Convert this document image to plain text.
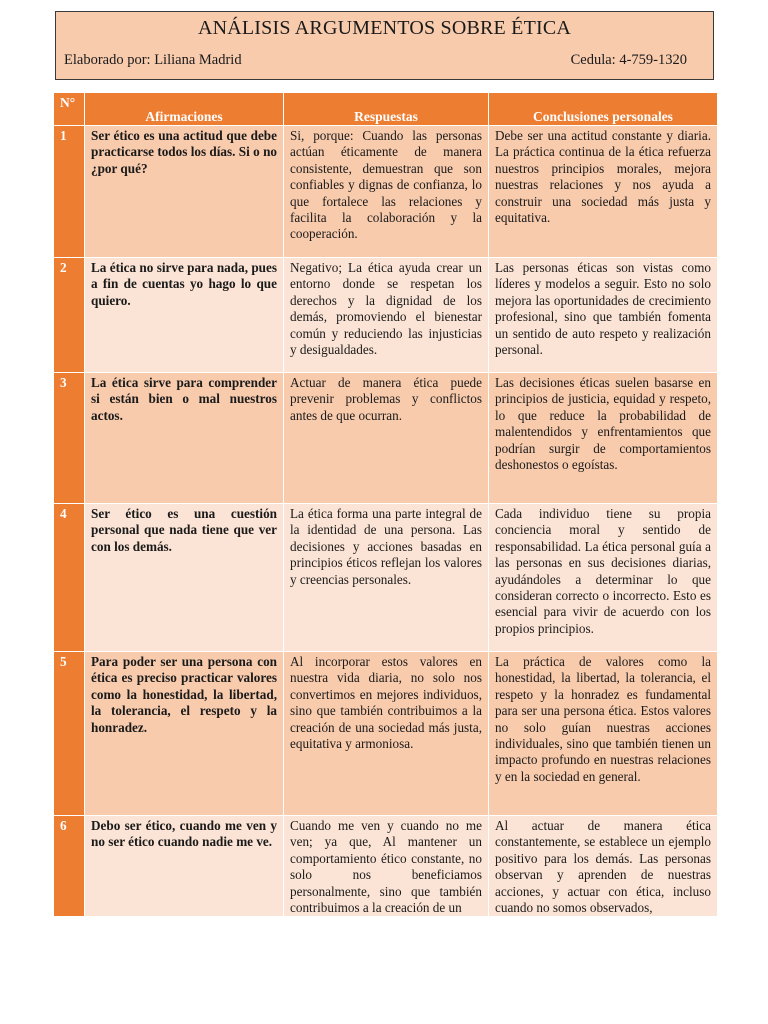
ANÁLISIS ARGUMENTOS SOBRE ÉTICA
Elaborado por: Liliana Madrid	Cedula: 4-759-1320
N°	Afirmaciones	Respuestas	Conclusiones personales

1	Ser ético es una actitud que debe practicarse todos los días. Si o no ¿por qué?	Si, porque: Cuando las personas actúan éticamente de manera consistente, demuestran que son confiables y dignas de confianza, lo que fortalece las relaciones y facilita la colaboración y la cooperación.	Debe ser una actitud constante y diaria. La práctica continua de la ética refuerza nuestros principios morales, mejora nuestras relaciones y nos ayuda a construir una sociedad más justa y equitativa.
2	La ética no sirve para nada, pues a fin de cuentas yo hago lo que quiero.	Negativo; La ética ayuda crear un entorno donde se respetan los derechos y la dignidad de los demás, promoviendo el bienestar común y reduciendo las injusticias y desigualdades.	Las personas éticas son vistas como líderes y modelos a seguir. Esto no solo mejora las oportunidades de crecimiento profesional, sino que también fomenta un sentido de auto respeto y realización personal.
3	La ética sirve para comprender si están bien o mal nuestros actos.	Actuar de manera ética puede prevenir problemas y conflictos antes de que ocurran.	Las decisiones éticas suelen basarse en principios de justicia, equidad y respeto, lo que reduce la probabilidad de malentendidos y enfrentamientos que podrían surgir de comportamientos deshonestos o egoístas.
4	Ser ético es una cuestión personal que nada tiene que ver con los demás.	La ética forma una parte integral de la identidad de una persona. Las decisiones y acciones basadas en principios éticos reflejan los valores y creencias personales.	Cada individuo tiene su propia conciencia moral y sentido de responsabilidad. La ética personal guía a las personas en sus decisiones diarias, ayudándoles a determinar lo que consideran correcto o incorrecto. Esto es esencial para vivir de acuerdo con los propios principios.
5	Para poder ser una persona con ética es preciso practicar valores como la honestidad, la libertad, la tolerancia, el respeto y la honradez.	Al incorporar estos valores en nuestra vida diaria, no solo nos convertimos en mejores individuos, sino que también contribuimos a la creación de una sociedad más justa, equitativa y armoniosa.	La práctica de valores como la honestidad, la libertad, la tolerancia, el respeto y la honradez es fundamental para ser una persona ética. Estos valores no solo guían nuestras acciones individuales, sino que también tienen un impacto profundo en nuestras relaciones y en la sociedad en general.
6	Debo ser ético, cuando me ven y no ser ético cuando nadie me ve.	Cuando me ven y cuando no me ven; ya que, Al mantener un comportamiento ético constante, no solo nos beneficiamos personalmente, sino que también contribuimos a la creación de un	Al actuar de manera ética constantemente, se establece un ejemplo positivo para los demás. Las personas observan y aprenden de nuestras acciones, y actuar con ética, incluso cuando no somos observados,
